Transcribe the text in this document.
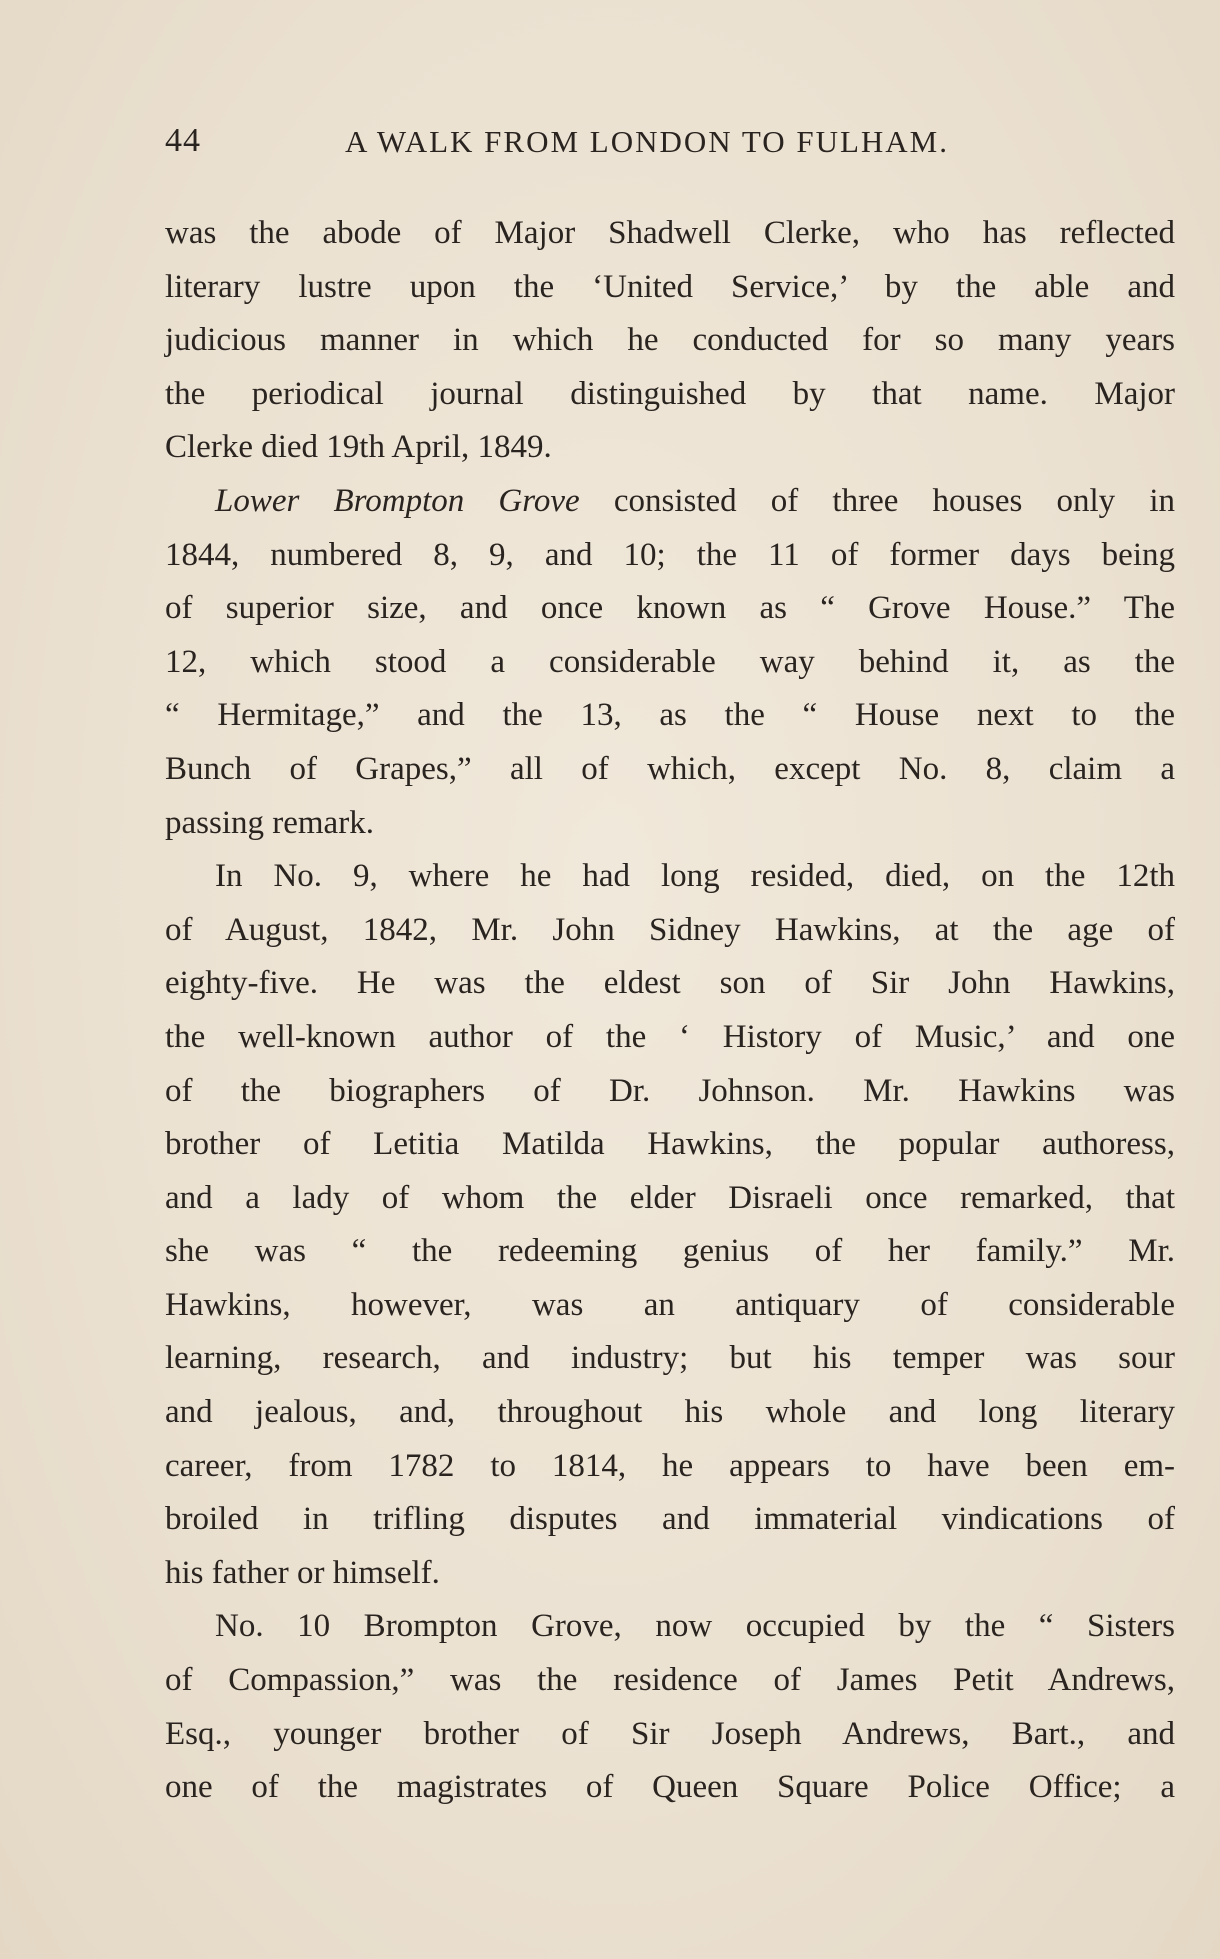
44	A WALK FROM LONDON TO FULHAM.
was the abode of Major Shadwell Clerke, who has reflected
literary lustre upon the ‘United Service,’ by the able and
judicious manner in which he conducted for so many years
the periodical journal distinguished by that name. Major
Clerke died 19th April, 1849.
Lower Brompton Grove consisted of three houses only in
1844, numbered 8, 9, and 10; the 11 of former days being
of superior size, and once known as “ Grove House.” The
12, which stood a considerable way behind it, as the
“ Hermitage,” and the 13, as the “ House next to the
Bunch of Grapes,” all of which, except No. 8, claim a
passing remark.
In No. 9, where he had long resided, died, on the 12th
of August, 1842, Mr. John Sidney Hawkins, at the age of
eighty-five. He was the eldest son of Sir John Hawkins,
the well-known author of the ‘ History of Music,’ and one
of the biographers of Dr. Johnson. Mr. Hawkins was
brother of Letitia Matilda Hawkins, the popular authoress,
and a lady of whom the elder Disraeli once remarked, that
she was “ the redeeming genius of her family.” Mr.
Hawkins, however, was an antiquary of considerable
learning, research, and industry; but his temper was sour
and jealous, and, throughout his whole and long literary
career, from 1782 to 1814, he appears to have been em-
broiled in trifling disputes and immaterial vindications of
his father or himself.
No. 10 Brompton Grove, now occupied by the “ Sisters
of Compassion,” was the residence of James Petit Andrews,
Esq., younger brother of Sir Joseph Andrews, Bart., and
one of the magistrates of Queen Square Police Office; a
